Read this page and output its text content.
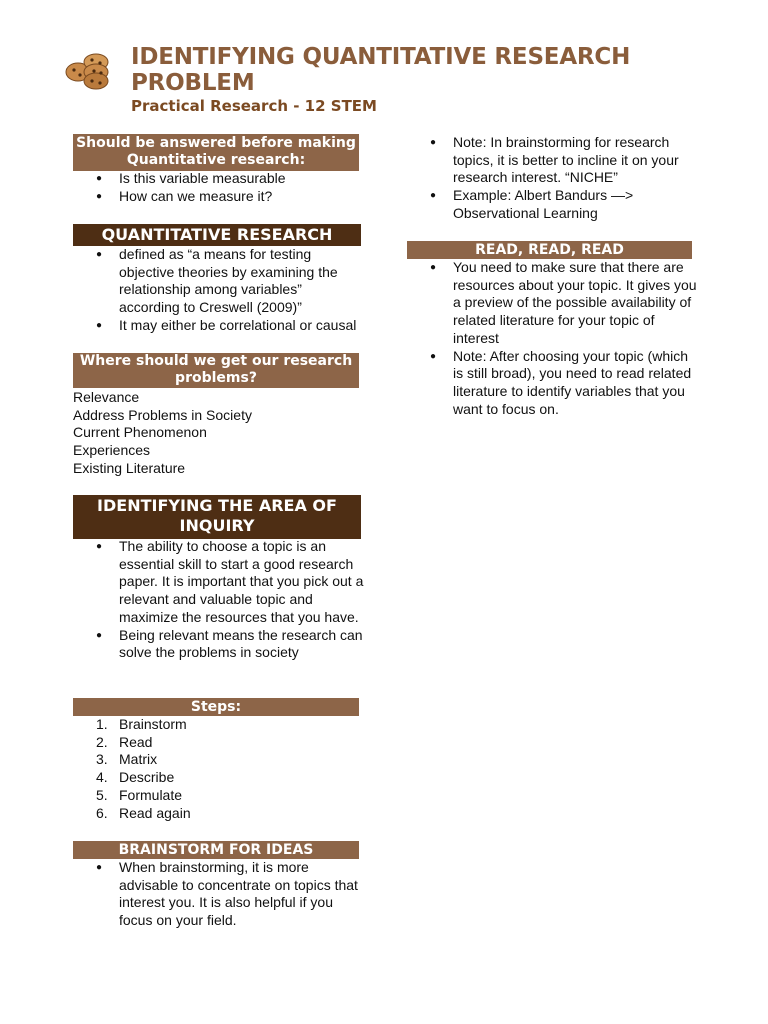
IDENTIFYING QUANTITATIVE RESEARCH PROBLEM
Practical Research - 12 STEM
Should be answered before making Quantitative research:
● Is this variable measurable
● How can we measure it?
QUANTITATIVE RESEARCH
● defined as “a means for testing objective theories by examining the relationship among variables” according to Creswell (2009)”
● It may either be correlational or causal
Where should we get our research problems?
Relevance
Address Problems in Society
Current Phenomenon
Experiences
Existing Literature
IDENTIFYING THE AREA OF INQUIRY
● The ability to choose a topic is an essential skill to start a good research paper. It is important that you pick out a relevant and valuable topic and maximize the resources that you have.
● Being relevant means the research can solve the problems in society
Steps:
1. Brainstorm
2. Read
3. Matrix
4. Describe
5. Formulate
6. Read again
BRAINSTORM FOR IDEAS
● When brainstorming, it is more advisable to concentrate on topics that interest you. It is also helpful if you focus on your field.
● Note: In brainstorming for research topics, it is better to incline it on your research interest. “NICHE”
● Example: Albert Bandurs —> Observational Learning
READ, READ, READ
● You need to make sure that there are resources about your topic. It gives you a preview of the possible availability of related literature for your topic of interest
● Note: After choosing your topic (which is still broad), you need to read related literature to identify variables that you want to focus on.
